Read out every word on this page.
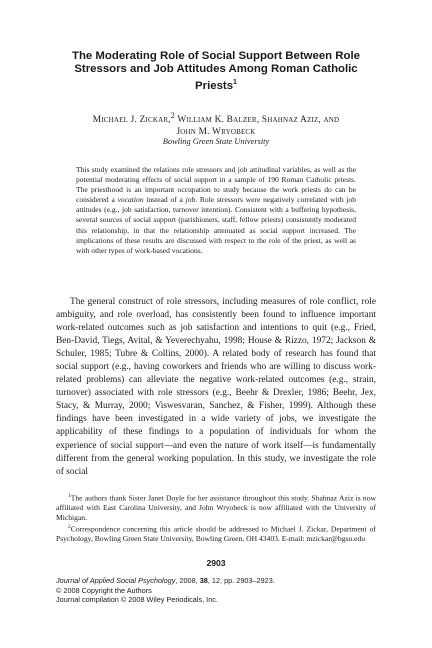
The Moderating Role of Social Support Between Role Stressors and Job Attitudes Among Roman Catholic Priests$^1$
Michael J. Zickar,$^2$ William K. Balzer, Shahnaz Aziz, and
John M. Wryobeck
Bowling Green State University
This study examined the relations role stressors and job attitudinal variables, as well as the potential moderating effects of social support in a sample of 190 Roman Catholic priests. The priesthood is an important occupation to study because the work priests do can be considered a vocation instead of a job. Role stressors were negatively correlated with job attitudes (e.g., job satisfaction, turnover intention). Consistent with a buffering hypothesis, several sources of social support (parishioners, staff, fellow priests) consistently moderated this relationship, in that the relationship attenuated as social support increased. The implications of these results are discussed with respect to the role of the priest, as well as with other types of work-based vocations.

The general construct of role stressors, including measures of role conflict, role ambiguity, and role overload, has consistently been found to influence important work-related outcomes such as job satisfaction and intentions to quit (e.g., Fried, Ben-David, Tiegs, Avital, & Yeverechyahu, 1998; House & Rizzo, 1972; Jackson & Schuler, 1985; Tubre & Collins, 2000). A related body of research has found that social support (e.g., having coworkers and friends who are willing to discuss work-related problems) can alleviate the negative work-related outcomes (e.g., strain, turnover) associated with role stressors (e.g., Beehr & Drexler, 1986; Beehr, Jex, Stacy, & Murray, 2000; Viswesvaran, Sanchez, & Fisher, 1999). Although these findings have been investigated in a wide variety of jobs, we investigate the applicability of these findings to a population of individuals for whom the experience of social support—and even the nature of work itself—is fundamentally different from the general working population. In this study, we investigate the role of social

$^1$The authors thank Sister Janet Doyle for her assistance throughout this study. Shahnaz Aziz is now affiliated with East Carolina University, and John Wryobeck is now affiliated with the University of Michigan.

$^2$Correspondence concerning this article should be addressed to Michael J. Zickar, Department of Psychology, Bowling Green State University, Bowling Green, OH 43403. E-mail: mzickar@bgsu.edu

2903
Journal of Applied Social Psychology, 2008, 38, 12, pp. 2903–2923.
© 2008 Copyright the Authors
Journal compilation © 2008 Wiley Periodicals, Inc.
